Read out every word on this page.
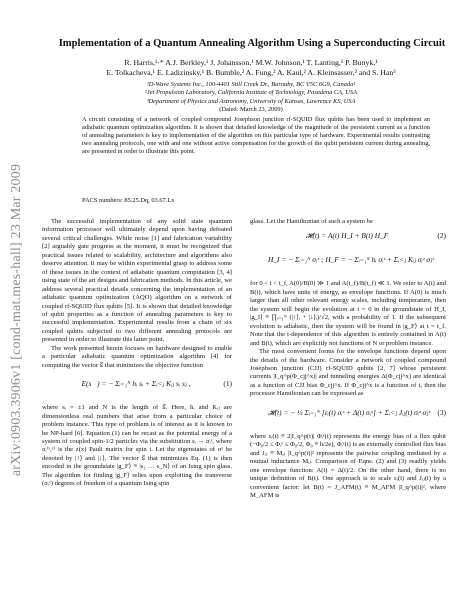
arXiv:0903.3906v1 [cond-mat.mes-hall] 23 Mar 2009
Implementation of a Quantum Annealing Algorithm Using a Superconducting Circuit
R. Harris,¹·* A.J. Berkley,¹ J. Johansson,¹ M.W. Johnson,¹ T. Lanting,¹ P. Bunyk,¹
E. Tolkacheva,¹ E. Ladizinsky,¹ B. Bumble,² A. Fung,² A. Kaul,² A. Kleinsasser,² and S. Han³
¹D-Wave Systems Inc., 100-4401 Still Creek Dr., Burnaby, BC V5C 6G9, Canada¹
²Jet Propulsion Laboratory, California Institute of Technology, Pasadena CA, USA
³Department of Physics and Astronomy, University of Kansas, Lawrence KS, USA
(Dated: March 23, 2009)
A circuit consisting of a network of coupled compound Josephson junction rf-SQUID flux qubits has been used to implement an adiabatic quantum optimization algorithm. It is shown that detailed knowledge of the magnitude of the persistent current as a function of annealing parameters is key to implementation of the algorithm on this particular type of hardware. Experimental results contrasting two annealing protocols, one with and one without active compensation for the growth of the qubit persistent current during annealing, are presented in order to illustrate this point.
PACS numbers: 85.25.Dq, 03.67.Lx

The successful implementation of any solid state quantum information processor will ultimately depend upon having defeated several critical challenges. While noise [1] and fabrication variability [2] arguably gate progress at the moment, it must be recognized that practical issues related to scalability, architecture and algorithms also deserve attention. It may be within experimental grasp to address some of these issues in the context of adiabatic quantum computation [3, 4] using state of the art designs and fabrication methods. In this article, we address several practical details concerning the implementation of an adiabatic quantum optimization (AQO) algorithm on a network of coupled rf-SQUID flux qubits [5]. It is shown that detailed knowledge of qubit properties as a function of annealing parameters is key to successful implementation. Experimental results from a chain of six coupled qubits subjected to two different annealing protocols are presented in order to illustrate this latter point.

The work presented herein focuses on hardware designed to enable a particular adiabatic quantum optimization algorithm [4] for computing the vector s⃗ that minimizes the objective function

E(s⃗) = − Σᵢ₌₁ᴺ hᵢ sᵢ + Σᵢ<ⱼ Kᵢⱼ sᵢ sⱼ ,	(1)

where sᵢ = ±1 and N is the length of s⃗. Here, hᵢ and Kᵢⱼ are dimensionless real numbers that arise from a particular choice of problem instance. This type of problem is of interest as it is known to be NP-hard [6]. Equation (1) can be recast as the potential energy of a system of coupled spin-1/2 particles via the substitution sᵢ → σᵢᶻ, where σᵢ⁽ˣ,ᶻ⁾ is the z(x) Pauli matrix for spin i. Let the eigenstates of σᶻ be denoted by |↑⟩ and |↓⟩. The vector s⃗ that minimizes Eq. (1) is then encoded in the groundstate |g_F⟩ ≡ |s₁ … s_N⟩ of an Ising spin glass. The algorithm for finding |g_F⟩ relies upon exploiting the transverse (σᵢˣ) degrees of freedom of a quantum Ising spin

glass. Let the Hamiltonian of such a system be

𝓗(t) = A(t) H_I + B(t) H_F	(2)
H_I = − Σᵢ₌₁ᴺ σᵢˣ ; H_F = − Σᵢ₌₁ᴺ hᵢ σᵢᶻ + Σᵢ<ⱼ Kᵢⱼ σᵢᶻ σⱼᶻ

for 0 < t < t_f, A(0)/B(0) ≫ 1 and A(t_f)/B(t_f) ≪ 1. We refer to A(t) and B(t), which have units of energy, as envelope functions. If A(0) is much larger than all other relevant energy scales, including temperature, then the system will begin the evolution at t = 0 in the groundstate of H_I, |g_I⟩ ≡ ∏ᵢ₌₁ᴺ (|↑⟩ᵢ + |↓⟩ᵢ)/√2, with a probability of 1. If the subsequent evolution is adiabatic, then the system will be found in |g_F⟩ at t = t_f. Note that the t-dependence of this algorithm is entirely contained in A(t) and B(t), which are explicitly not functions of N or problem instance.

The most convenient forms for the envelope functions depend upon the details of the hardware. Consider a network of coupled compound Josephson junction (CJJ) rf-SQUID qubits [2, 7] whose persistent currents |I_q^p(Φ_cjj^x)| and tunneling energies Δ(Φ_cjj^x) are identical as a function of CJJ bias Φ_cjj^x. If Φ_cjj^x is a function of t, then the processor Hamiltonian can be expressed as

𝓗(t) = − ½ Σᵢ₌₁ᴺ [εᵢ(t) σᵢᶻ + Δ(t) σᵢˣ] + Σᵢ<ⱼ Jᵢⱼ(t) σᵢᶻ σⱼᶻ (3)

where εᵢ(t) ≡ 2|I_q^p(t)| Φᵢˣ(t) represents the energy bias of a flux qubit (−Φ₀/2 ≤ Φᵢˣ ≤ Φ₀/2, Φ₀ ≡ h/2e), Φᵢˣ(t) is an externally controlled flux bias and Jᵢⱼ ≡ Mᵢⱼ |I_q^p(t)|² represents the pairwise coupling mediated by a mutual inductance Mᵢⱼ. Comparison of Eqns. (2) and (3) readily yields one envelope function: A(t) = Δ(t)/2. On the other hand, there is no unique definition of B(t). One approach is to scale εᵢ(t) and Jᵢⱼ(t) by a convenient factor: let B(t) = J_AFM(t) ≡ M_AFM |I_q^p(t)|², where M_AFM is
